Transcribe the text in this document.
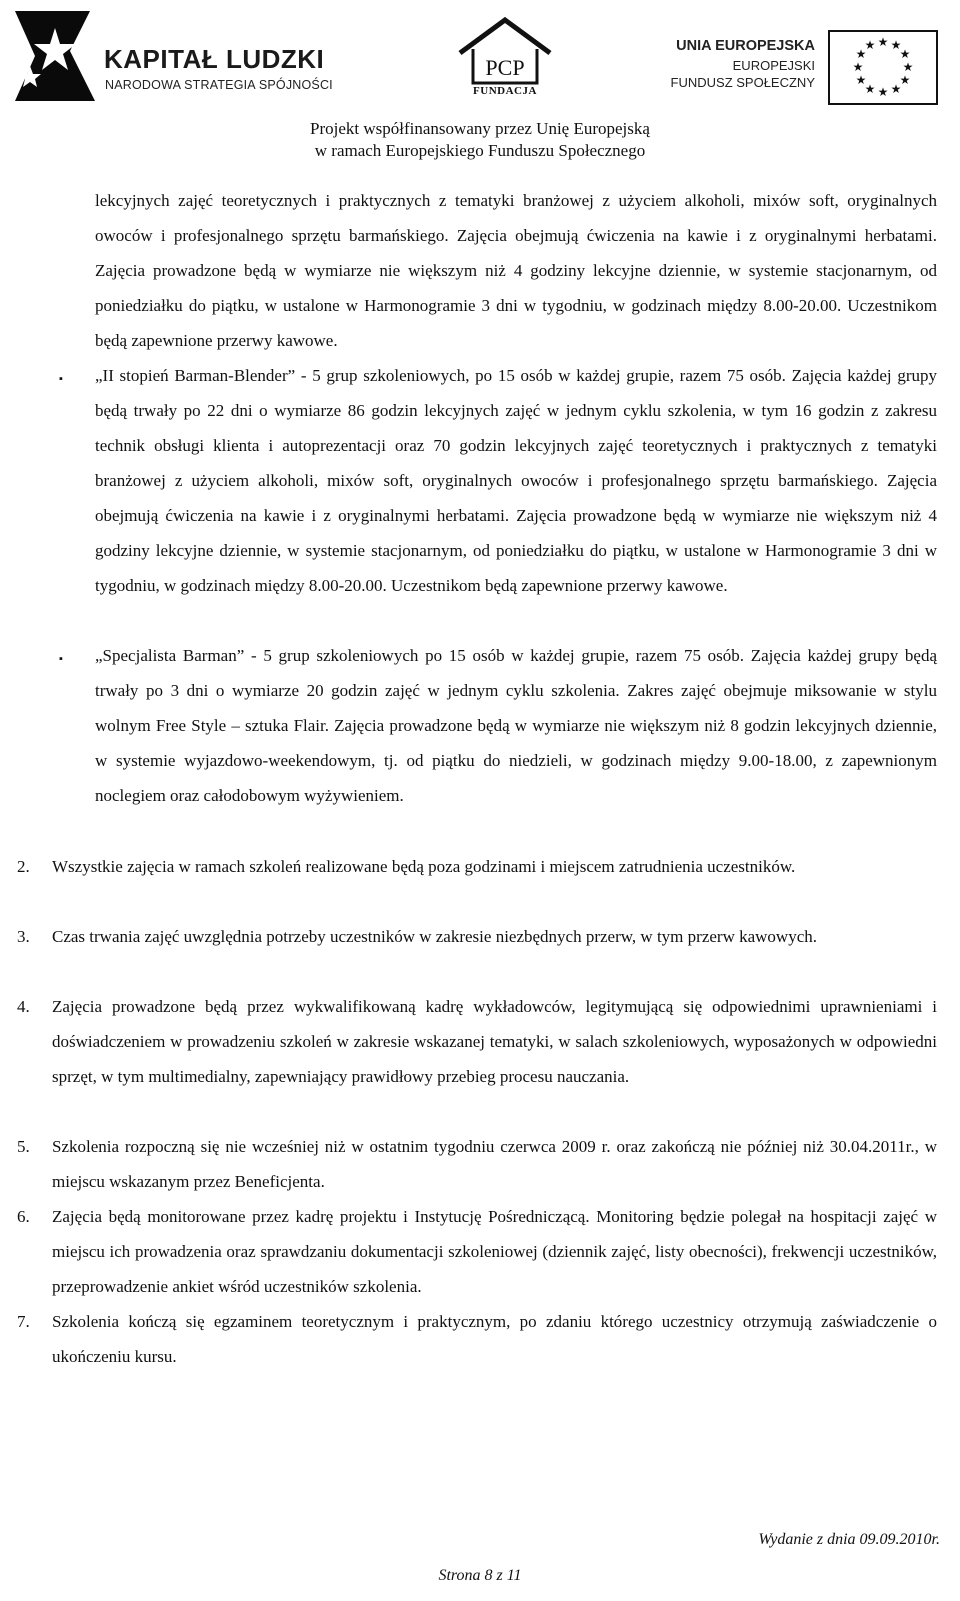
KAPITAŁ LUDZKI
NARODOWA STRATEGIA SPÓJNOŚCI
PCP
FUNDACJA
UNIA EUROPEJSKA
EUROPEJSKI
FUNDUSZ SPOŁECZNY
★ ★
★
★
★
★
★
★
★
★
★
★
Projekt współfinansowany przez Unię Europejską
w ramach Europejskiego Funduszu Społecznego
lekcyjnych zajęć teoretycznych i praktycznych z tematyki branżowej z użyciem alkoholi, mixów soft, oryginalnych owoców i profesjonalnego sprzętu barmańskiego. Zajęcia obejmują ćwiczenia na kawie i z oryginalnymi herbatami. Zajęcia prowadzone będą w wymiarze nie większym niż 4 godziny lekcyjne dziennie, w systemie stacjonarnym, od poniedziałku do piątku, w ustalone w Harmonogramie 3 dni w tygodniu, w godzinach między 8.00-20.00. Uczestnikom będą zapewnione przerwy kawowe.
▪ „II stopień Barman-Blender” - 5 grup szkoleniowych, po 15 osób w każdej grupie, razem 75 osób. Zajęcia każdej grupy będą trwały po 22 dni o wymiarze 86 godzin lekcyjnych zajęć w jednym cyklu szkolenia, w tym 16 godzin z zakresu technik obsługi klienta i autoprezentacji oraz 70 godzin lekcyjnych zajęć teoretycznych i praktycznych z tematyki branżowej z użyciem alkoholi, mixów soft, oryginalnych owoców i profesjonalnego sprzętu barmańskiego. Zajęcia obejmują ćwiczenia na kawie i z oryginalnymi herbatami. Zajęcia prowadzone będą w wymiarze nie większym niż 4 godziny lekcyjne dziennie, w systemie stacjonarnym, od poniedziałku do piątku, w ustalone w Harmonogramie 3 dni w tygodniu, w godzinach między 8.00-20.00. Uczestnikom będą zapewnione przerwy kawowe.
▪ „Specjalista Barman” - 5 grup szkoleniowych po 15 osób w każdej grupie, razem 75 osób. Zajęcia każdej grupy będą trwały po 3 dni o wymiarze 20 godzin zajęć w jednym cyklu szkolenia. Zakres zajęć obejmuje miksowanie w stylu wolnym Free Style – sztuka Flair. Zajęcia prowadzone będą w wymiarze nie większym niż 8 godzin lekcyjnych dziennie, w systemie wyjazdowo-weekendowym, tj. od piątku do niedzieli, w godzinach między 9.00-18.00, z zapewnionym noclegiem oraz całodobowym wyżywieniem.
2. Wszystkie zajęcia w ramach szkoleń realizowane będą poza godzinami i miejscem zatrudnienia uczestników.
3. Czas trwania zajęć uwzględnia potrzeby uczestników w zakresie niezbędnych przerw, w tym przerw kawowych.
4. Zajęcia prowadzone będą przez wykwalifikowaną kadrę wykładowców, legitymującą się odpowiednimi uprawnieniami i doświadczeniem w prowadzeniu szkoleń w zakresie wskazanej tematyki, w salach szkoleniowych, wyposażonych w odpowiedni sprzęt, w tym multimedialny, zapewniający prawidłowy przebieg procesu nauczania.
5. Szkolenia rozpoczną się nie wcześniej niż w ostatnim tygodniu czerwca 2009 r. oraz zakończą nie później niż 30.04.2011r., w miejscu wskazanym przez Beneficjenta.
6. Zajęcia będą monitorowane przez kadrę projektu i Instytucję Pośredniczącą. Monitoring będzie polegał na hospitacji zajęć w miejscu ich prowadzenia oraz sprawdzaniu dokumentacji szkoleniowej (dziennik zajęć, listy obecności), frekwencji uczestników, przeprowadzenie ankiet wśród uczestników szkolenia.
7. Szkolenia kończą się egzaminem teoretycznym i praktycznym, po zdaniu którego uczestnicy otrzymują zaświadczenie o ukończeniu kursu.
Wydanie z dnia 09.09.2010r.
Strona 8 z 11
